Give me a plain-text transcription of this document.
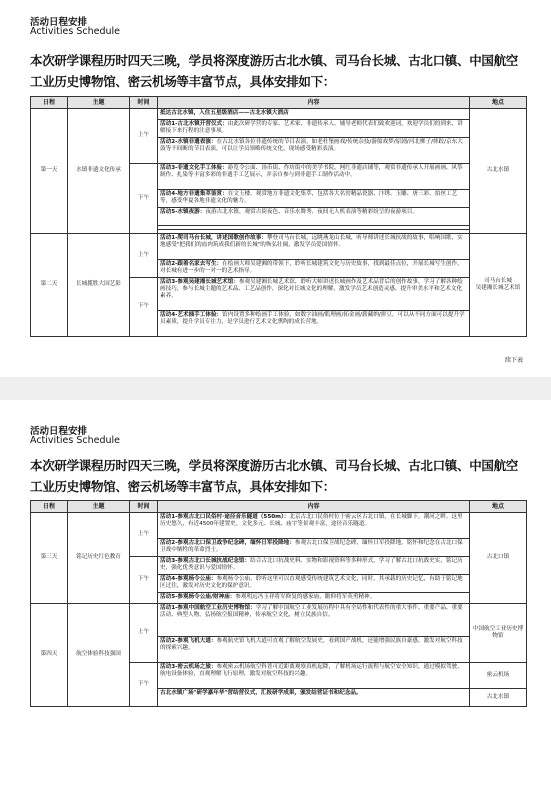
活动日程安排
Activities Schedule
本次研学课程历时四天三晚，学员将深度游历古北水镇、司马台长城、古北口镇、中国航空工业历史博物馆、密云机场等丰富节点，具体安排如下：
日程	主题	时间	内容	地点
第一天	水镇非遗文化传承	上午	抵达古北水镇，入住五星级酒店——古北水镇大酒店	古北水镇
			活动1-古北水镇开营仪式：由此次研学营的专家、艺术家、非遗传承人、辅导老师代表们致欢迎词，欢迎学员们的到来，讲解接下来行程的注意事项。	
			活动2-水镇非遗表演：在古北水镇各位非遗传统的节目表演，如老杜堡画戏/传统杂技/游船戏梦/原剧/河北梆子/摔跤/京东大鼓等不间断的节目表演，可以让学员领略传统文化，现场感受精彩表演。	
		下午	活动3-非遗文化手工体验：游览令公面、汤币街、作坊街中的美学书院、网红非遗店铺等，观赏非遗传承人开展画画、风筝制作、扎染等丰富多彩的非遗手工艺展示，并亲自参与到非遗手工制作活动中。	
			活动4-地方非遗集萃鉴赏：在文玉楼、观赏地方非遗文化集萃，包括各大名窑精品瓷器、汴绣、玉雕、唐三彩、拍丝工艺等，感受华夏各地非遗文化的魅力。	
			活动5-水镇夜游：夜游古北水镇，观赏古街夜色、音乐水舞秀、夜间无人机表演等精彩纷呈的夜游项目。	

第二天	长城揽胜大国艺影	上午	活动1-爬司马台长城，讲述国歌创作故事：攀登司马台长城，远眺燕龙山长城，听导师讲述长城抗战的故事，唱响国歌，实地感受"把我们的血肉筑成我们新的长城"的恢弘壮阔，激发学员爱国情怀。	司马台长城
吴建湘长城艺术馆
			活动2-跟着名家去写生：在绘画大师吴建湘的带领下，聆听长城建筑文化与历史故事，找到最佳点位，开展长城写生创作，对长城有进一步的一对一的艺术指导。	
		下午	活动3-参观吴建湘长城艺术馆：参观吴建湘长城艺术馆，聆听大师讲述长城画作及艺术品背后的创作故事，学习了解各种绘画技巧，参与长城主题的艺术品、工艺品创作，深化对长城文化的理解，激发学员艺术创造灵感，提升审美水平和艺术文化素养。	
			活动4-艺术插手工体验：馆内设置多种绘画手工体验，如数字油画/肌理画/拓金画/薪藏纳/拼豆，可以从不同方面可以提升学员素质，提升学员专注力，是学员进行艺术文化熏陶的成长营地。	
续下表
活动日程安排
Activities Schedule
本次研学课程历时四天三晚，学员将深度游历古北水镇、司马台长城、古北口镇、中国航空工业历史博物馆、密云机场等丰富节点，具体安排如下：
日程	主题	时间	内容	地点
第三天	铭记历史红色教育	上午	活动1-参观古北口民俗村·途径音乐隧道（550m）：北京古北口民俗村位于密云区古北口镇，在长城脚下，潮河之畔。这里历史悠久，有近4500年建置史。文化多元、长城、庙宇等景观丰富，途径音乐隧道。	古北口镇
			活动2-参观古北口保卫战争纪念碑，缅怀日军投降地：参观古北口保卫战纪念碑，缅怀日军投降地，铭怀和纪念在古北口保卫战中牺牲的革命烈士。	
		下午	活动3-参观古北口长城抗战纪念馆：结合古北口抗战史料、实物和影视资料等多种形式，学习了解古北口抗战史实，铭记历史，强化优秀意识与爱国情怀。	
			活动4-参观杨令公庙：参观杨令公庙，聆听这里可以直观感受传统建筑艺术文化，同时，其承载的历史记忆，有助于铭记地区过往，激发对历史文化的保护意识。	
			活动5-参观杨令公庙/财神庙：参观明远冯玉祥将军修复的感家庙，瞻仰将军英勇精神。	
第四天	航空体验科技强国	上午	活动1-参观中国航空工业历史博物馆：学习了解中国航空工业发展历程中具有全局性和代表性的重大事件、重要产品、重要活动、典型人物，弘扬航空报国精神，传承航空文化，树立民族自信。	中国航空工业历史博物馆
			活动2-参观飞机大道：参观航史馆飞机大道可直观了解航空发展史，看到国产战机，还能增强民族自豪感，激发对航空科技的探索兴趣。	
		下午	活动3-密云机场之旅：参观密云机场航空科普可近距离观察真机起降，了解机场运行流程与航空安全知识，通过模拟驾驶、航电设备体验，直观理解飞行原理，激发对航空科技的兴趣。	密云机场
			古北水镇广场"研学嘉年华"营结营仪式，汇报研学成果，颁发结营证书和纪念品。	古北水镇
